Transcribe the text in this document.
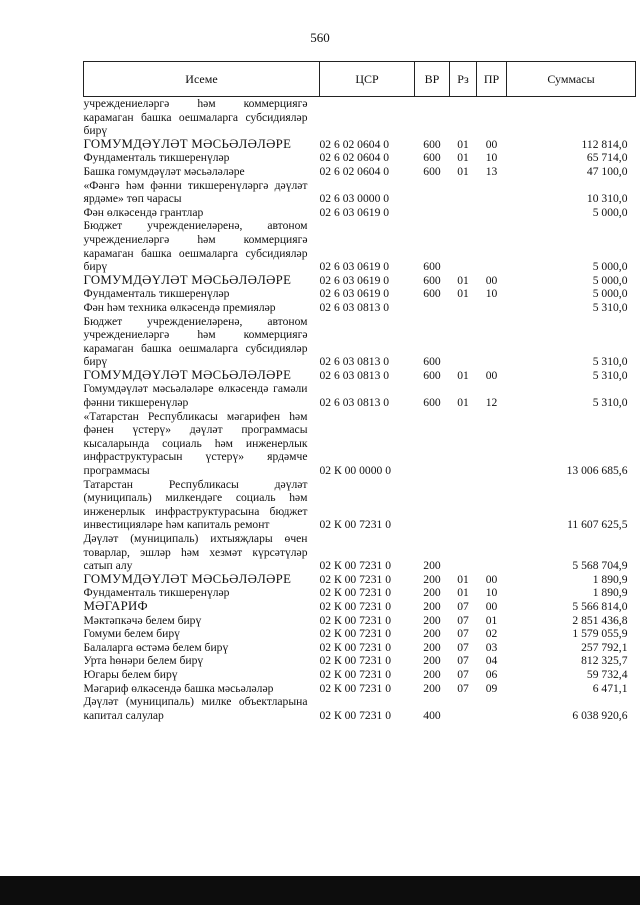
560
Исеме	ЦСР	ВР	Рз	ПР	Суммасы
учреждениеләргә һәм коммерциягә карамаган башка оешмаларга субсидияләр бирү					
ГОМУМДӘҮЛӘТ МӘСЬӘЛӘЛӘРЕ	02 6 02 0604 0	600	01	00	112 814,0
Фундаменталь тикшеренүләр	02 6 02 0604 0	600	01	10	65 714,0
Башка гомумдәүләт мәсьәләләре	02 6 02 0604 0	600	01	13	47 100,0
«Фәнгә һәм фәнни тикшеренүләргә дәүләт ярдәме» төп чарасы	02 6 03 0000 0				10 310,0
Фән өлкәсендә грантлар	02 6 03 0619 0				5 000,0
Бюджет учреждениеләренә, автоном учреждениеләргә һәм коммерциягә карамаган башка оешмаларга субсидияләр бирү	02 6 03 0619 0	600			5 000,0
ГОМУМДӘҮЛӘТ МӘСЬӘЛӘЛӘРЕ	02 6 03 0619 0	600	01	00	5 000,0
Фундаменталь тикшеренүләр	02 6 03 0619 0	600	01	10	5 000,0
Фән һәм техника өлкәсендә премияләр	02 6 03 0813 0				5 310,0
Бюджет учреждениеләренә, автоном учреждениеләргә һәм коммерциягә карамаган башка оешмаларга субсидияләр бирү	02 6 03 0813 0	600			5 310,0
ГОМУМДӘҮЛӘТ МӘСЬӘЛӘЛӘРЕ	02 6 03 0813 0	600	01	00	5 310,0
Гомумдәүләт мәсьәләләре өлкәсендә гамәли фәнни тикшеренүләр	02 6 03 0813 0	600	01	12	5 310,0
«Татарстан Республикасы мәгарифен һәм фәнен үстерү» дәүләт программасы кысаларында социаль һәм инженерлык инфраструктурасын үстерү» ярдәмче программасы	02 К 00 0000 0				13 006 685,6
Татарстан Республикасы дәүләт (муниципаль) милкендәге социаль һәм инженерлык инфраструктурасына бюджет инвестицияләре һәм капиталь ремонт	02 К 00 7231 0				11 607 625,5
Дәүләт (муниципаль) ихтыяҗлары өчен товарлар, эшләр һәм хезмәт күрсәтүләр сатып алу	02 К 00 7231 0	200			5 568 704,9
ГОМУМДӘҮЛӘТ МӘСЬӘЛӘЛӘРЕ	02 К 00 7231 0	200	01	00	1 890,9
Фундаменталь тикшеренүләр	02 К 00 7231 0	200	01	10	1 890,9
МӘГАРИФ	02 К 00 7231 0	200	07	00	5 566 814,0
Мәктәпкәчә белем бирү	02 К 00 7231 0	200	07	01	2 851 436,8
Гомуми белем бирү	02 К 00 7231 0	200	07	02	1 579 055,9
Балаларга өстәмә белем бирү	02 К 00 7231 0	200	07	03	257 792,1
Урта һөнәри белем бирү	02 К 00 7231 0	200	07	04	812 325,7
Югары белем бирү	02 К 00 7231 0	200	07	06	59 732,4
Мәгариф өлкәсендә башка мәсьәләләр	02 К 00 7231 0	200	07	09	6 471,1
Дәүләт (муниципаль) милке объектларына капитал салулар	02 К 00 7231 0	400			6 038 920,6
